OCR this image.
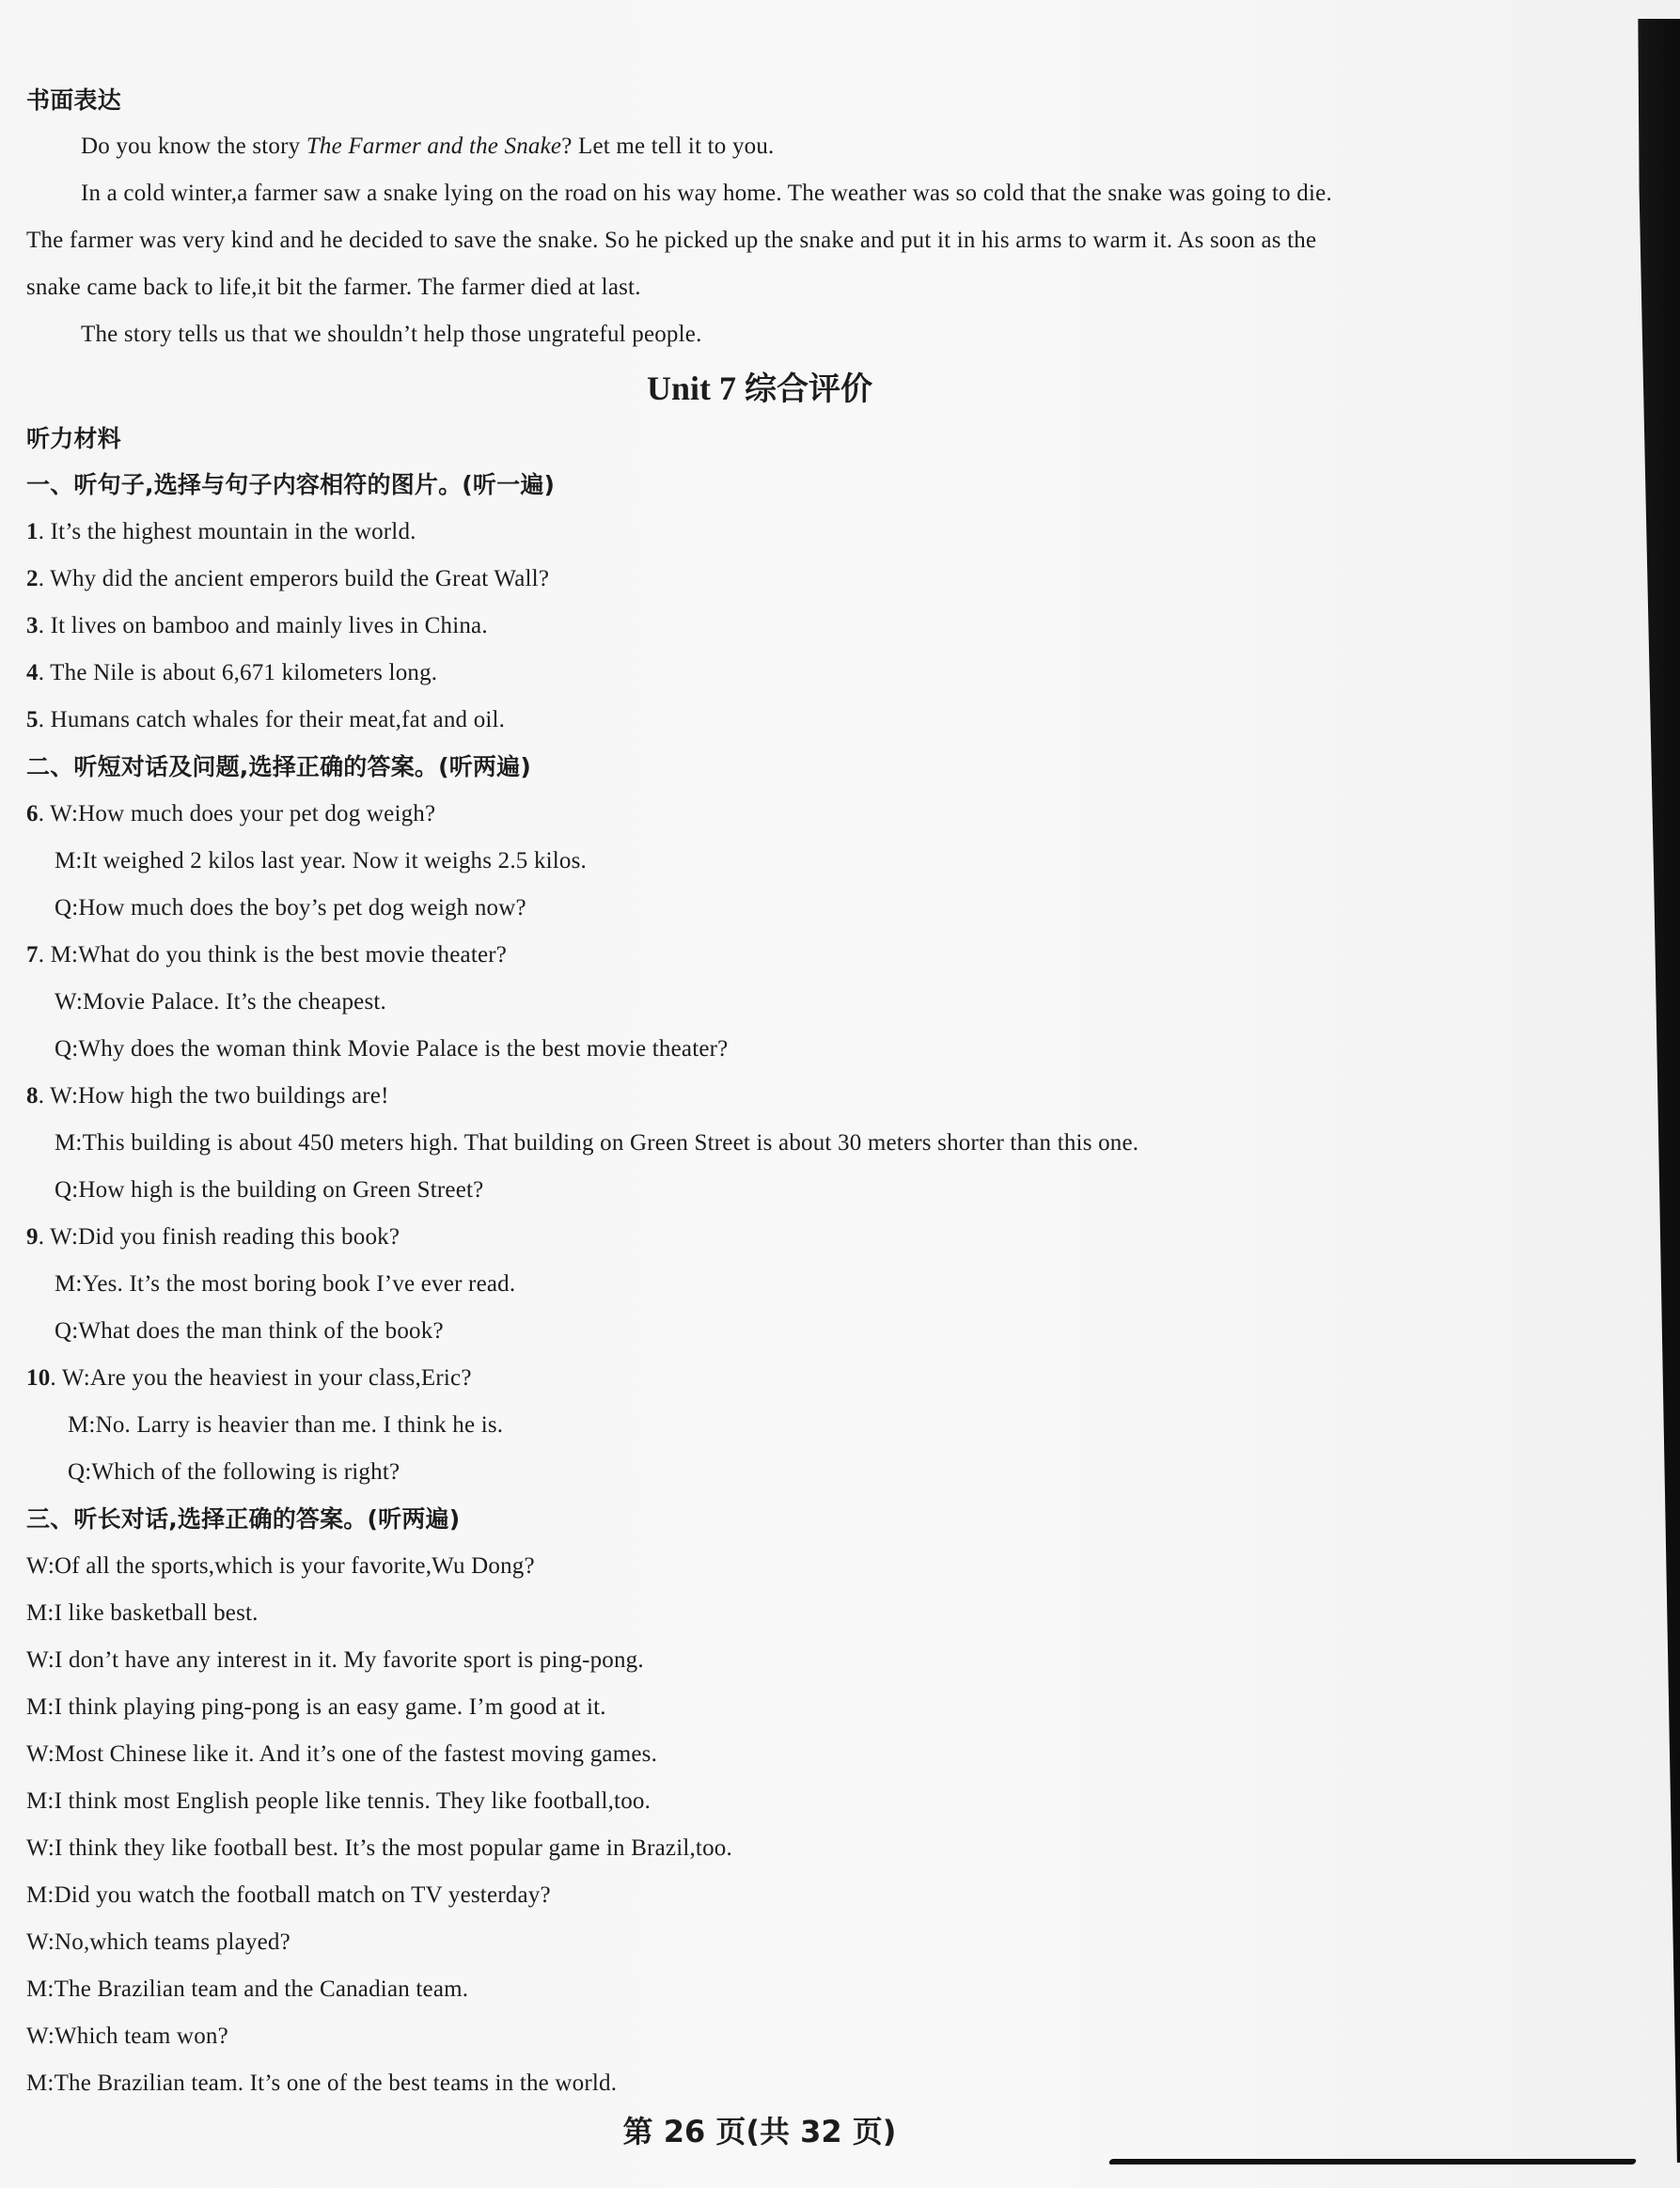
书面表达
Do you know the story The Farmer and the Snake? Let me tell it to you.
In a cold winter,a farmer saw a snake lying on the road on his way home. The weather was so cold that the snake was going to die.
The farmer was very kind and he decided to save the snake. So he picked up the snake and put it in his arms to warm it. As soon as the
snake came back to life,it bit the farmer. The farmer died at last.
The story tells us that we shouldn’t help those ungrateful people.
Unit 7 综合评价
听力材料
一、听句子,选择与句子内容相符的图片。(听一遍)
1. It’s the highest mountain in the world.
2. Why did the ancient emperors build the Great Wall?
3. It lives on bamboo and mainly lives in China.
4. The Nile is about 6,671 kilometers long.
5. Humans catch whales for their meat,fat and oil.
二、听短对话及问题,选择正确的答案。(听两遍)
6. W:How much does your pet dog weigh?
M:It weighed 2 kilos last year. Now it weighs 2.5 kilos.
Q:How much does the boy’s pet dog weigh now?
7. M:What do you think is the best movie theater?
W:Movie Palace. It’s the cheapest.
Q:Why does the woman think Movie Palace is the best movie theater?
8. W:How high the two buildings are!
M:This building is about 450 meters high. That building on Green Street is about 30 meters shorter than this one.
Q:How high is the building on Green Street?
9. W:Did you finish reading this book?
M:Yes. It’s the most boring book I’ve ever read.
Q:What does the man think of the book?
10. W:Are you the heaviest in your class,Eric?
M:No. Larry is heavier than me. I think he is.
Q:Which of the following is right?
三、听长对话,选择正确的答案。(听两遍)
W:Of all the sports,which is your favorite,Wu Dong?
M:I like basketball best.
W:I don’t have any interest in it. My favorite sport is ping-pong.
M:I think playing ping-pong is an easy game. I’m good at it.
W:Most Chinese like it. And it’s one of the fastest moving games.
M:I think most English people like tennis. They like football,too.
W:I think they like football best. It’s the most popular game in Brazil,too.
M:Did you watch the football match on TV yesterday?
W:No,which teams played?
M:The Brazilian team and the Canadian team.
W:Which team won?
M:The Brazilian team. It’s one of the best teams in the world.
第 26 页(共 32 页)
